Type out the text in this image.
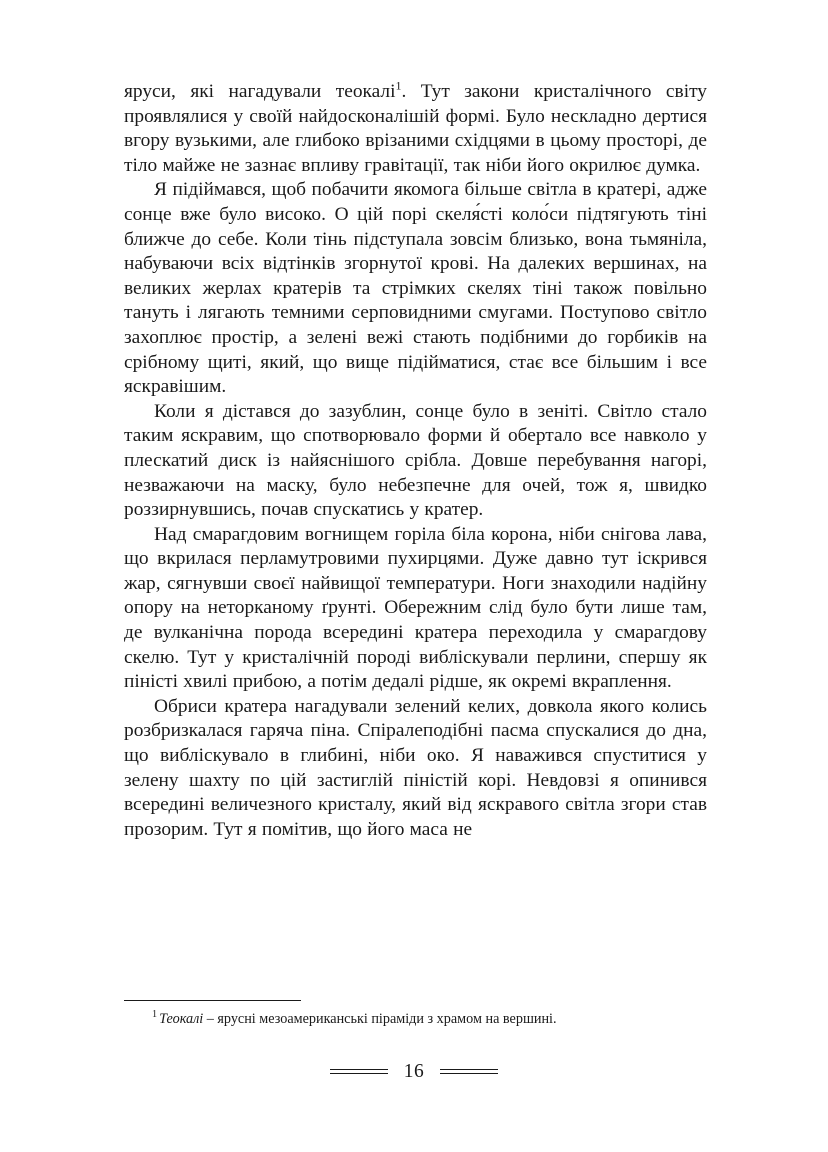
яруси, які нагадували теокалі$^1$. Тут закони кристалічного світу проявлялися у своїй найдосконалішій формі. Було нескладно дертися вгору вузькими, але глибоко врізаними східцями в цьому просторі, де тіло майже не зазнає впливу гравітації, так ніби його окрилює думка.

Я підіймався, щоб побачити якомога більше світла в кратері, адже сонце вже було високо. О цій порі скеля́сті коло́си підтягують тіні ближче до себе. Коли тінь підступала зовсім близько, вона тьмяніла, набуваючи всіх відтінків згорнутої крові. На далеких вершинах, на великих жерлах кратерів та стрімких скелях тіні також повільно тануть і лягають темними серповидними смугами. Поступово світло захоплює простір, а зелені вежі стають подібними до горбиків на срібному щиті, який, що вище підійматися, стає все більшим і все яскравішим.

Коли я дістався до зазублин, сонце було в зеніті. Світло стало таким яскравим, що спотворювало форми й обертало все навколо у плескатий диск із найяснішого срібла. Довше перебування нагорі, незважаючи на маску, було небезпечне для очей, тож я, швидко роззирнувшись, почав спускатись у кратер.

Над смарагдовим вогнищем горіла біла корона, ніби снігова лава, що вкрилася перламутровими пухирцями. Дуже давно тут іскрився жар, сягнувши своєї найвищої температури. Ноги знаходили надійну опору на неторканому ґрунті. Обережним слід було бути лише там, де вулканічна порода всередині кратера переходила у смарагдову скелю. Тут у кристалічній породі вибліскували перлини, спершу як піністі хвилі прибою, а потім дедалі рідше, як окремі вкраплення.

Обриси кратера нагадували зелений келих, довкола якого колись розбризкалася гаряча піна. Спіралеподібні пасма спускалися до дна, що вибліскувало в глибині, ніби око. Я наважився спуститися у зелену шахту по цій застиглій піністій корі. Невдовзі я опинився всередині величезного кристалу, який від яскравого світла згори став прозорим. Тут я помітив, що його маса не

$^1$ Теокалі – ярусні мезоамериканські піраміди з храмом на вершині.

16
